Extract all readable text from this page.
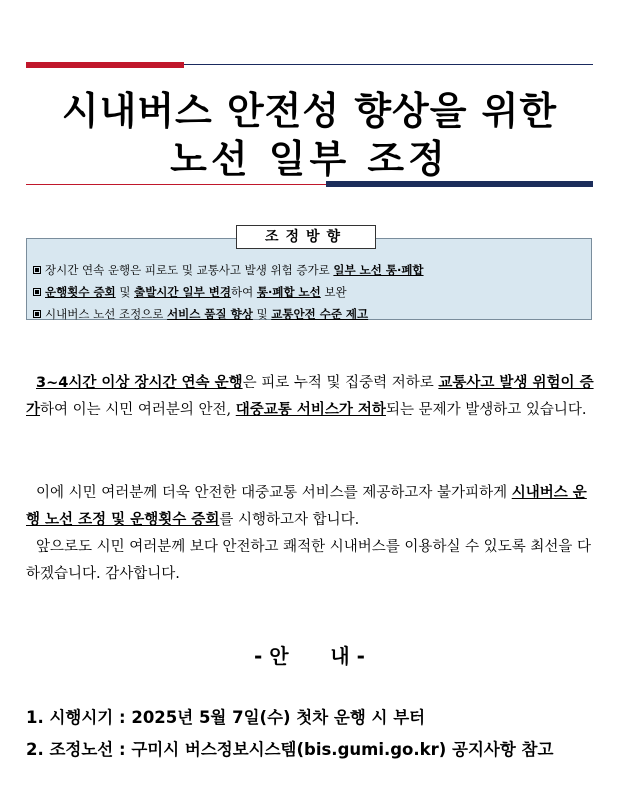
시내버스 안전성 향상을 위한
노선 일부 조정
조정방향
장시간 연속 운행은 피로도 및 교통사고 발생 위험 증가로 일부 노선 통·폐합
운행횟수 증회 및 출발시간 일부 변경하여 통·폐합 노선 보완
시내버스 노선 조정으로 서비스 품질 향상 및 교통안전 수준 제고
3~4시간 이상 장시간 연속 운행은 피로 누적 및 집중력 저하로 교통사고 발생 위험이 증가하여 이는 시민 여러분의 안전, 대중교통 서비스가 저하되는 문제가 발생하고 있습니다.
이에 시민 여러분께 더욱 안전한 대중교통 서비스를 제공하고자 불가피하게 시내버스 운행 노선 조정 및 운행횟수 증회를 시행하고자 합니다.
앞으로도 시민 여러분께 보다 안전하고 쾌적한 시내버스를 이용하실 수 있도록 최선을 다하겠습니다. 감사합니다.
- 안      내 -
1. 시행시기 : 2025년 5월 7일(수) 첫차 운행 시 부터
2. 조정노선 : 구미시 버스정보시스템(bis.gumi.go.kr) 공지사항 참고
